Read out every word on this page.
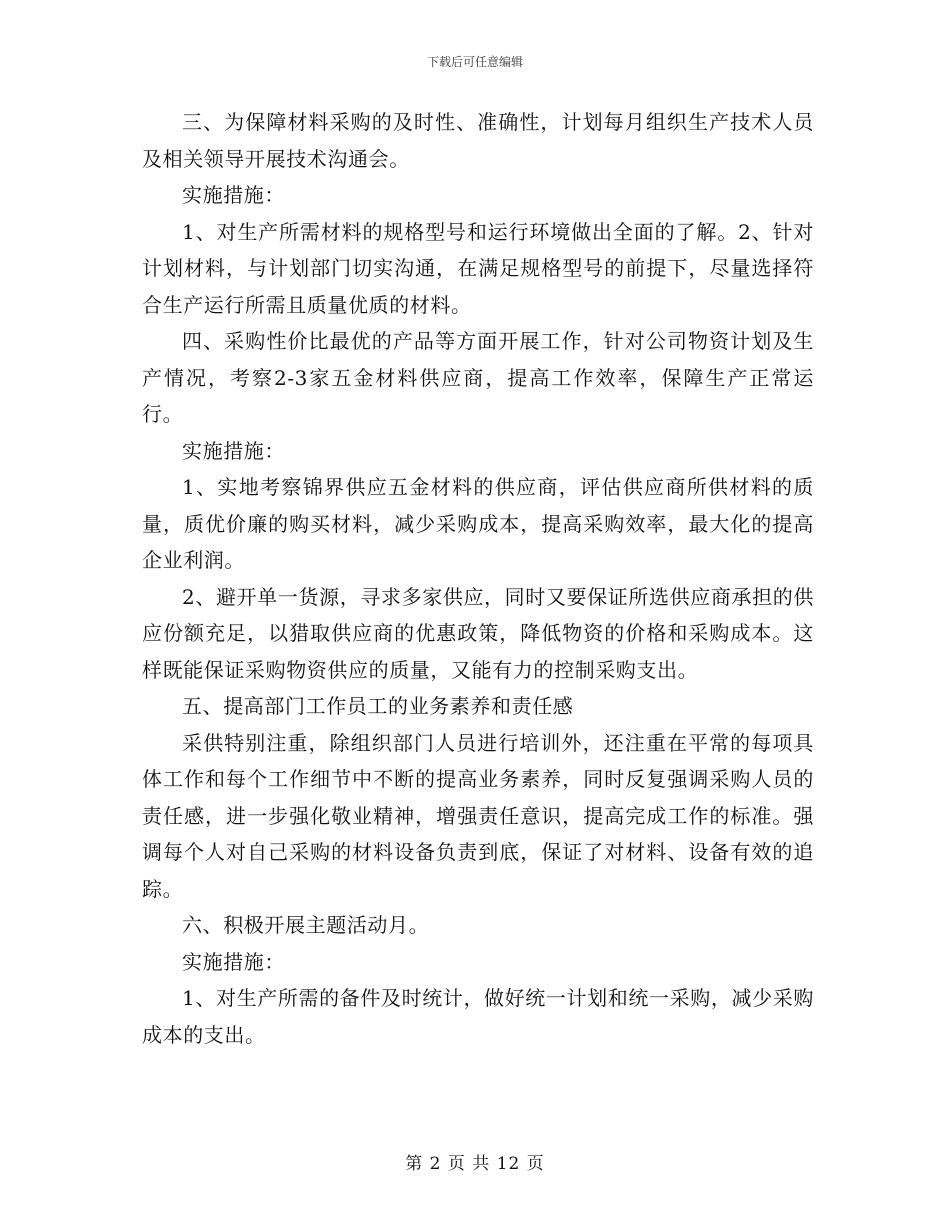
下载后可任意编辑

三、为保障材料采购的及时性、准确性，计划每月组织生产技术人员及相关领导开展技术沟通会。

实施措施：

1、对生产所需材料的规格型号和运行环境做出全面的了解。2、针对计划材料，与计划部门切实沟通，在满足规格型号的前提下，尽量选择符合生产运行所需且质量优质的材料。

四、采购性价比最优的产品等方面开展工作，针对公司物资计划及生产情况，考察2-3家五金材料供应商，提高工作效率，保障生产正常运行。

实施措施：

1、实地考察锦界供应五金材料的供应商，评估供应商所供材料的质量，质优价廉的购买材料，减少采购成本，提高采购效率，最大化的提高企业利润。

2、避开单一货源，寻求多家供应，同时又要保证所选供应商承担的供应份额充足，以猎取供应商的优惠政策，降低物资的价格和采购成本。这样既能保证采购物资供应的质量，又能有力的控制采购支出。

五、提高部门工作员工的业务素养和责任感

采供特别注重，除组织部门人员进行培训外，还注重在平常的每项具体工作和每个工作细节中不断的提高业务素养，同时反复强调采购人员的责任感，进一步强化敬业精神，增强责任意识，提高完成工作的标准。强调每个人对自己采购的材料设备负责到底，保证了对材料、设备有效的追踪。

六、积极开展主题活动月。

实施措施：

1、对生产所需的备件及时统计，做好统一计划和统一采购，减少采购成本的支出。

第 2 页 共 12 页
